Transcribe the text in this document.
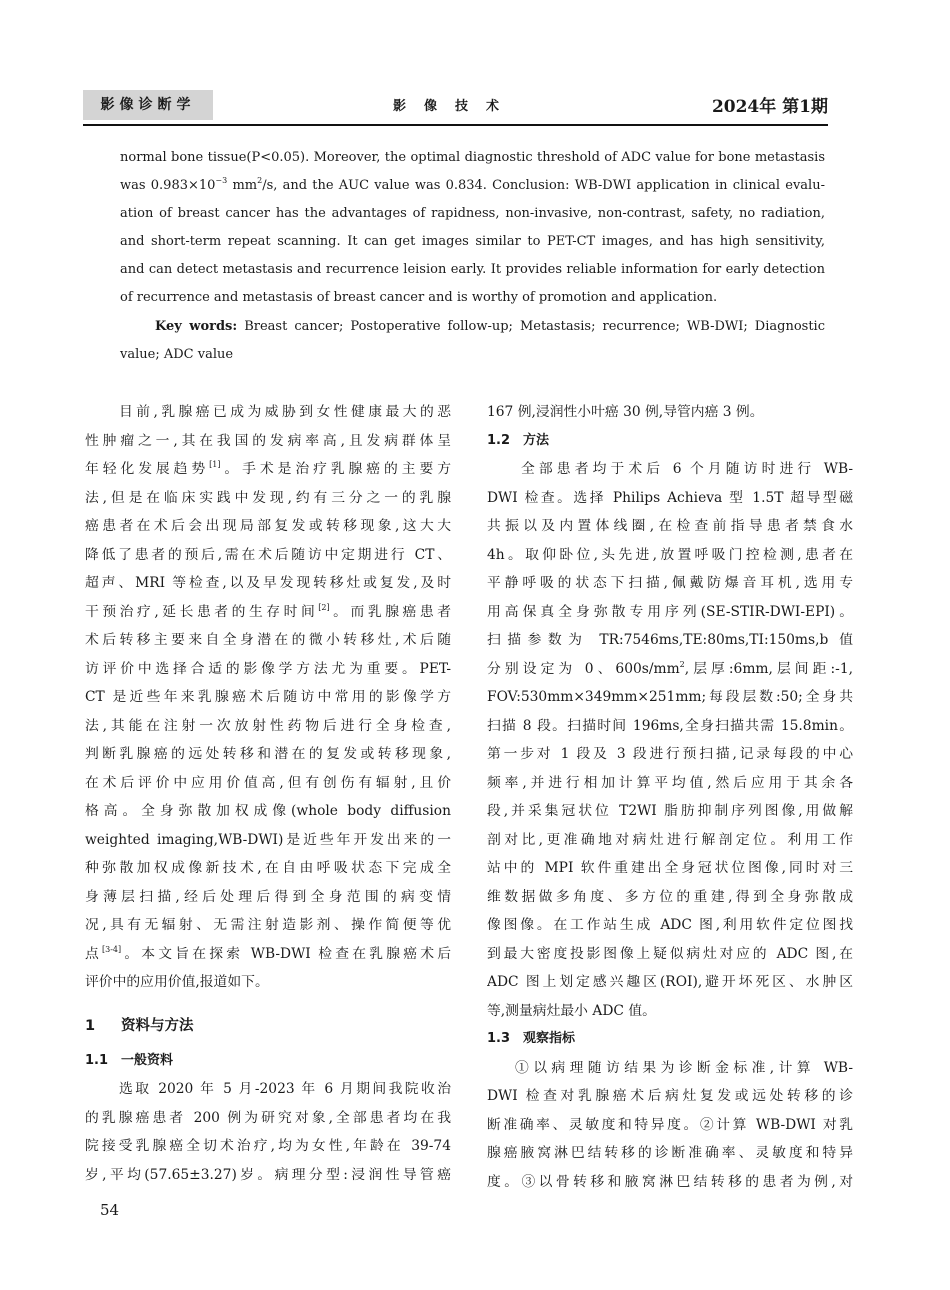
影像诊断学	影像技术	2024年 第1期
normal bone tissue(P<0.05). Moreover, the optimal diagnostic threshold of ADC value for bone metastasis
was $0.983\times 10^{-3}$ $mm^2/s$, and the AUC value was 0.834. Conclusion: WB-DWI application in clinical evalu-
ation of breast cancer has the advantages of rapidness, non-invasive, non-contrast, safety, no radiation,
and short-term repeat scanning. It can get images similar to PET-CT images, and has high sensitivity,
and can detect metastasis and recurrence leision early. It provides reliable information for early detection
of recurrence and metastasis of breast cancer and is worthy of promotion and application.
Key words: Breast cancer; Postoperative follow-up; Metastasis; recurrence; WB-DWI; Diagnostic
value; ADC value
目前,乳腺癌已成为威胁到女性健康最大的恶
性肿瘤之一,其在我国的发病率高,且发病群体呈
年轻化发展趋势[1]。手术是治疗乳腺癌的主要方
法,但是在临床实践中发现,约有三分之一的乳腺
癌患者在术后会出现局部复发或转移现象,这大大
降低了患者的预后,需在术后随访中定期进行 CT、
超声、MRI 等检查,以及早发现转移灶或复发,及时
干预治疗,延长患者的生存时间[2]。而乳腺癌患者
术后转移主要来自全身潜在的微小转移灶,术后随
访评价中选择合适的影像学方法尤为重要。PET-
CT 是近些年来乳腺癌术后随访中常用的影像学方
法,其能在注射一次放射性药物后进行全身检查,
判断乳腺癌的远处转移和潜在的复发或转移现象,
在术后评价中应用价值高,但有创伤有辐射,且价
格高。全身弥散加权成像(whole body diffusion
weighted imaging,WB-DWI)是近些年开发出来的一
种弥散加权成像新技术,在自由呼吸状态下完成全
身薄层扫描,经后处理后得到全身范围的病变情
况,具有无辐射、无需注射造影剂、操作简便等优
点[3-4]。本文旨在探索 WB-DWI 检查在乳腺癌术后
评价中的应用价值,报道如下。
1 资料与方法
1.1 一般资料
选取 2020 年 5 月-2023 年 6 月期间我院收治
的乳腺癌患者 200 例为研究对象,全部患者均在我
院接受乳腺癌全切术治疗,均为女性,年龄在 39-74
岁,平均(57.65±3.27)岁。病理分型:浸润性导管癌
167 例,浸润性小叶癌 30 例,导管内癌 3 例。
1.2 方法
全部患者均于术后 6 个月随访时进行 WB-
DWI 检查。选择 Philips Achieva 型 1.5T 超导型磁
共振以及内置体线圈,在检查前指导患者禁食水
4h。取仰卧位,头先进,放置呼吸门控检测,患者在
平静呼吸的状态下扫描,佩戴防爆音耳机,选用专
用高保真全身弥散专用序列(SE-STIR-DWI-EPI)。
扫描参数为 TR:7546ms,TE:80ms,TI:150ms,b 值
分别设定为 0、$600s/mm^2$,层厚:6mm,层间距:-1,
FOV:530mm×349mm×251mm;每段层数:50;全身共
扫描 8 段。扫描时间 196ms,全身扫描共需 15.8min。
第一步对 1 段及 3 段进行预扫描,记录每段的中心
频率,并进行相加计算平均值,然后应用于其余各
段,并采集冠状位 T2WI 脂肪抑制序列图像,用做解
剖对比,更准确地对病灶进行解剖定位。利用工作
站中的 MPI 软件重建出全身冠状位图像,同时对三
维数据做多角度、多方位的重建,得到全身弥散成
像图像。在工作站生成 ADC 图,利用软件定位图找
到最大密度投影图像上疑似病灶对应的 ADC 图,在
ADC 图上划定感兴趣区(ROI),避开坏死区、水肿区
等,测量病灶最小 ADC 值。
1.3 观察指标
①以病理随访结果为诊断金标准,计算 WB-
DWI 检查对乳腺癌术后病灶复发或远处转移的诊
断准确率、灵敏度和特异度。②计算 WB-DWI 对乳
腺癌腋窝淋巴结转移的诊断准确率、灵敏度和特异
度。③以骨转移和腋窝淋巴结转移的患者为例,对
54
